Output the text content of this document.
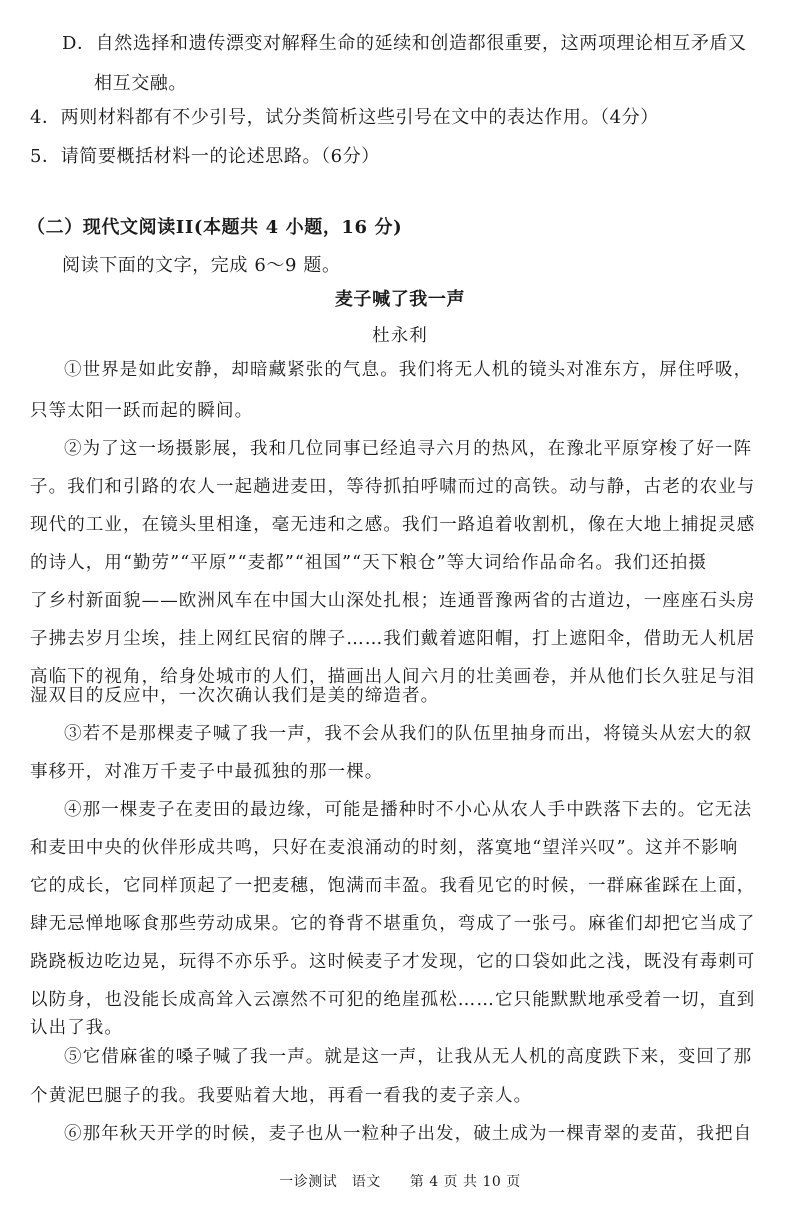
D．自然选择和遗传漂变对解释生命的延续和创造都很重要，这两项理论相互矛盾又
相互交融。
4．两则材料都有不少引号，试分类简析这些引号在文中的表达作用。（4分）
5．请简要概括材料一的论述思路。（6分）
（二）现代文阅读II(本题共 4 小题，16 分)
阅读下面的文字，完成 6～9 题。
麦子喊了我一声
杜永利
①世界是如此安静，却暗藏紧张的气息。我们将无人机的镜头对准东方，屏住呼吸，
只等太阳一跃而起的瞬间。
②为了这一场摄影展，我和几位同事已经追寻六月的热风，在豫北平原穿梭了好一阵
子。我们和引路的农人一起趟进麦田，等待抓拍呼啸而过的高铁。动与静，古老的农业与
现代的工业，在镜头里相逢，毫无违和之感。我们一路追着收割机，像在大地上捕捉灵感
的诗人，用“勤劳”“平原”“麦都”“祖国”“天下粮仓”等大词给作品命名。我们还拍摄
了乡村新面貌——欧洲风车在中国大山深处扎根；连通晋豫两省的古道边，一座座石头房
子拂去岁月尘埃，挂上网红民宿的牌子……我们戴着遮阳帽，打上遮阳伞，借助无人机居
高临下的视角，给身处城市的人们，描画出人间六月的壮美画卷，并从他们长久驻足与泪
湿双目的反应中，一次次确认我们是美的缔造者。
③若不是那棵麦子喊了我一声，我不会从我们的队伍里抽身而出，将镜头从宏大的叙
事移开，对准万千麦子中最孤独的那一棵。
④那一棵麦子在麦田的最边缘，可能是播种时不小心从农人手中跌落下去的。它无法
和麦田中央的伙伴形成共鸣，只好在麦浪涌动的时刻，落寞地“望洋兴叹”。这并不影响
它的成长，它同样顶起了一把麦穗，饱满而丰盈。我看见它的时候，一群麻雀踩在上面，
肆无忌惮地啄食那些劳动成果。它的脊背不堪重负，弯成了一张弓。麻雀们却把它当成了
跷跷板边吃边晃，玩得不亦乐乎。这时候麦子才发现，它的口袋如此之浅，既没有毒刺可
以防身，也没能长成高耸入云凛然不可犯的绝崖孤松……它只能默默地承受着一切，直到
认出了我。
⑤它借麻雀的嗓子喊了我一声。就是这一声，让我从无人机的高度跌下来，变回了那
个黄泥巴腿子的我。我要贴着大地，再看一看我的麦子亲人。
⑥那年秋天开学的时候，麦子也从一粒种子出发，破土成为一棵青翠的麦苗，我把自
一诊测试　语文　　第 4 页 共 10 页
